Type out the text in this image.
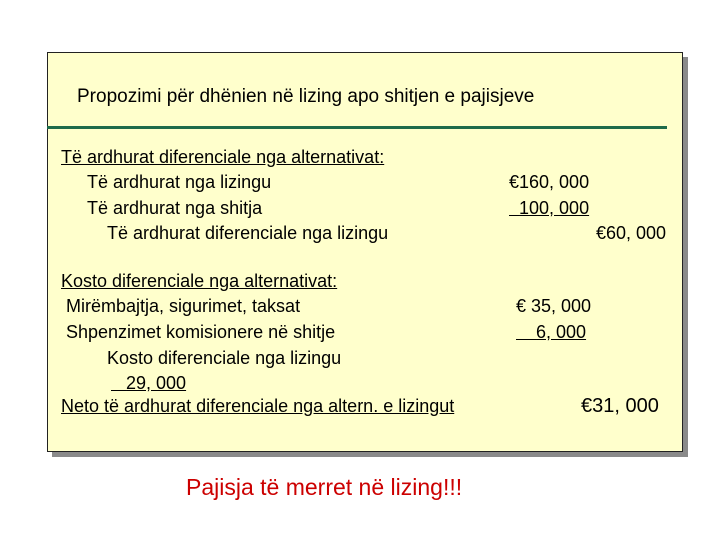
Propozimi për dhënien në lizing apo shitjen e pajisjeve
Të ardhurat diferenciale nga alternativat:
Të ardhurat nga lizingu	€160, 000
Të ardhurat nga shitja	100, 000
Të ardhurat diferenciale nga lizingu	€60, 000
Kosto diferenciale nga alternativat:
Mirëmbajtja, sigurimet, taksat	€ 35, 000
Shpenzimet komisionere në shitje	6, 000
Kosto diferenciale nga lizingu
29, 000
Neto të ardhurat diferenciale nga altern. e lizingut	€31, 000
Pajisja të merret në lizing!!!
